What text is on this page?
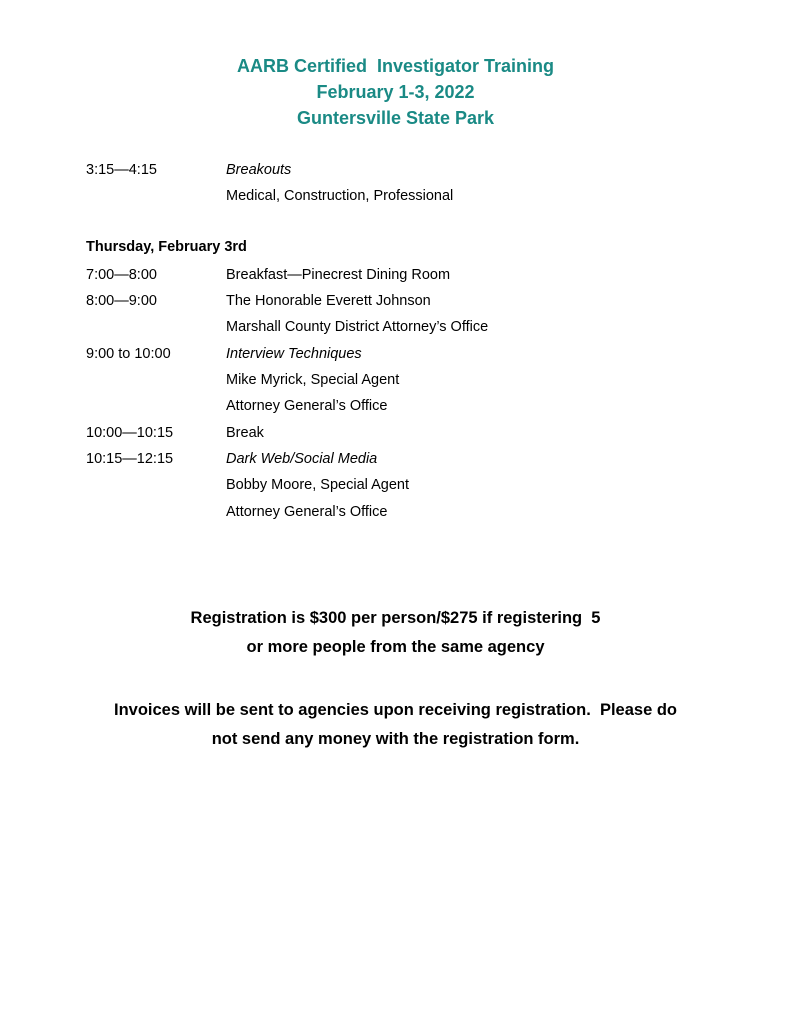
AARB Certified  Investigator Training
February 1-3, 2022
Guntersville State Park
3:15—4:15	Breakouts
Medical, Construction, Professional
Thursday, February 3rd
7:00—8:00	Breakfast—Pinecrest Dining Room
8:00—9:00	The Honorable Everett Johnson
Marshall County District Attorney’s Office
9:00 to 10:00	Interview Techniques
Mike Myrick, Special Agent
Attorney General’s Office
10:00—10:15	Break
10:15—12:15	Dark Web/Social Media
Bobby Moore, Special Agent
Attorney General’s Office
Registration is $300 per person/$275 if registering  5
or more people from the same agency
Invoices will be sent to agencies upon receiving registration.  Please do
not send any money with the registration form.
